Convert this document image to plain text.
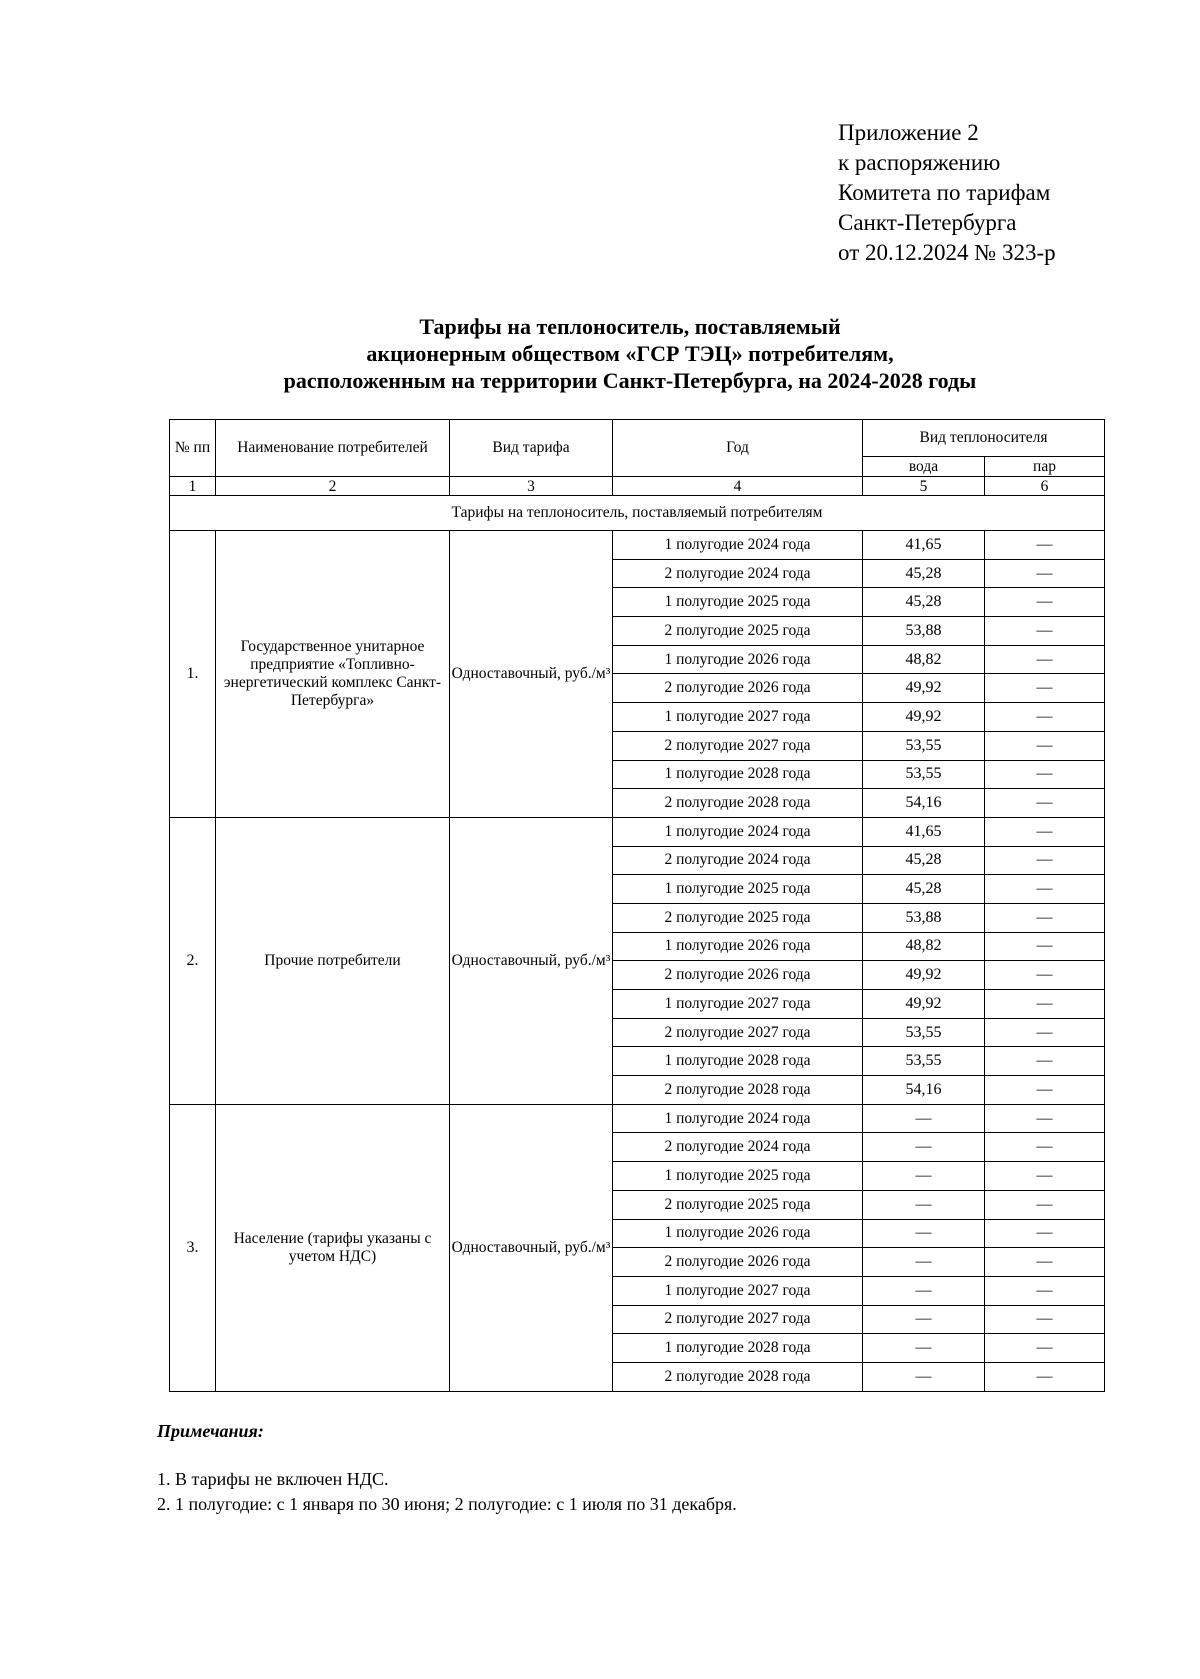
Приложение 2
к распоряжению
Комитета по тарифам
Санкт-Петербурга
от 20.12.2024 № 323-р
Тарифы на теплоноситель, поставляемый
акционерным обществом «ГСР ТЭЦ» потребителям,
расположенным на территории Санкт-Петербурга, на 2024-2028 годы
№ пп	Наименование потребителей	Вид тарифа	Год	Вид теплоносителя	
				вода	пар
1	2	3	4	5	6
Тарифы на теплоноситель, поставляемый потребителям					
1.	Государственное унитарное предприятие «Топливно-энергетический комплекс Санкт-Петербурга»	Одноставочный, руб./м³	1 полугодие 2024 года	41,65	—
			2 полугодие 2024 года	45,28	—
			1 полугодие 2025 года	45,28	—
			2 полугодие 2025 года	53,88	—
			1 полугодие 2026 года	48,82	—
			2 полугодие 2026 года	49,92	—
			1 полугодие 2027 года	49,92	—
			2 полугодие 2027 года	53,55	—
			1 полугодие 2028 года	53,55	—
			2 полугодие 2028 года	54,16	—
2.	Прочие потребители	Одноставочный, руб./м³	1 полугодие 2024 года	41,65	—
			2 полугодие 2024 года	45,28	—
			1 полугодие 2025 года	45,28	—
			2 полугодие 2025 года	53,88	—
			1 полугодие 2026 года	48,82	—
			2 полугодие 2026 года	49,92	—
			1 полугодие 2027 года	49,92	—
			2 полугодие 2027 года	53,55	—
			1 полугодие 2028 года	53,55	—
			2 полугодие 2028 года	54,16	—
3.	Население (тарифы указаны с учетом НДС)	Одноставочный, руб./м³	1 полугодие 2024 года	—	—
			2 полугодие 2024 года	—	—
			1 полугодие 2025 года	—	—
			2 полугодие 2025 года	—	—
			1 полугодие 2026 года	—	—
			2 полугодие 2026 года	—	—
			1 полугодие 2027 года	—	—
			2 полугодие 2027 года	—	—
			1 полугодие 2028 года	—	—
			2 полугодие 2028 года	—	—
Примечания:
1. В тарифы не включен НДС.
2. 1 полугодие: с 1 января по 30 июня; 2 полугодие: с 1 июля по 31 декабря.
